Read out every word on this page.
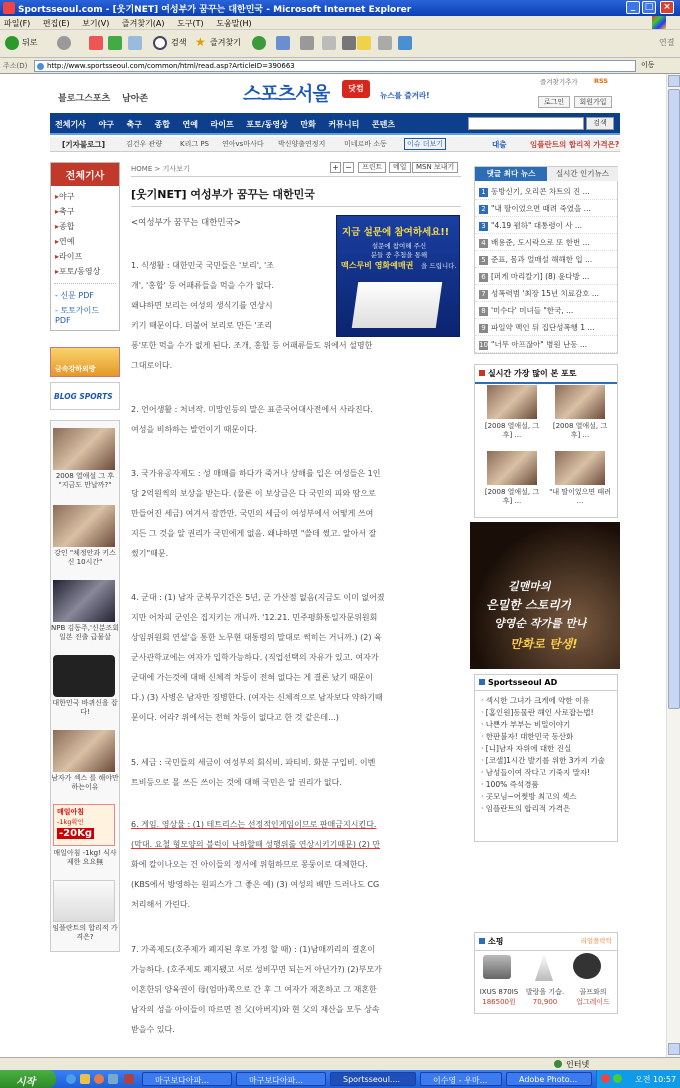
Sportsseoul.com - [웃기NET] 여성부가 꿈꾸는 대한민국 - Microsoft Internet Explorer	_	□	×
파일(F) 편집(E) 보기(V) 즐겨찾기(A) 도구(T) 도움말(H)
뒤로	검색 ★ 즐겨찾기	연결
주소(D)	http://www.sportsseoul.com/common/html/read.asp?ArticleID=390663	이동
즐겨찾기추가	RSS
블로그스포츠 남아존	스포츠서울	닷컴
뉴스를 즐겨라!
로그인	회원가입
전체기사 야구 축구 종합 연예 라이프 포토/동영상 만화 커뮤니티 콘텐츠	검색
[기자블로그]	김건우 관량	K리그 PS 연아vs마사다 박신양출연정지	미네르바 소동	이슈 더보기	대출	임플란트의 합리적 가격은?
전체기사
▸야구
▸축구
▸종합
▸연예
▸라이프
▸포토/동영상
- 신문 PDF
- 토토가이드 PDF
금속강하외방
BLOG SPORTS
2008 열애설 그 후 "지금도 만날까?"
강인 "체정안과 키스신 10시간"
NPB 김동주,'신분조회 일본 진출 급물살
대한민국 바퀴신을 잡다!
남자가 섹스 를 해야만 하는이유
매일아침
-1kg확인
-20Kg
매일아침 -1kg! 식사제한 요요無
임플란트의 합리적 가격은?
HOME > 기사보기	+ −	프린트	메일	MSN 보내기
[웃기NET] 여성부가 꿈꾸는 대한민국
<여성부가 꿈꾸는 대한민국>
지금 설문에 참여하세요!!
설문에 참여해 주신
분들 중 추첨을 통해
맥스무비 영화예매권 을 드립니다.
1. 식생활 : 대한민국 국민들은 '보리', '조
개', '홍합' 등 어패류들을 먹을 수가 없다.
왜냐하면 보리는 여성의 생식기를 연상시
키기 때문이다. 더불어 보리로 만든 '조리
퐁'또한 먹을 수가 없게 된다. 조개, 홍합 등 어패류들도 위에서 설명한
그대로이다.
2. 언어생활 : 처녀작. 미망인등의 말은 표준국어대사전에서 사라진다.
여성을 비하하는 발언이기 때문이다.
3. 국가유공자제도 : 성 매매를 하다가 죽거나 상해를 입은 여성들은 1인
당 2억원씩의 보상을 받는다. (물론 이 보상금은 다 국민의 피와 땀으로
만들어진 세금) 여겨서 잠깐만. 국민의 세금이 여성부에서 어떻게 쓰여
지든 그 것을 알 권리가 국민에게 없음. 왜냐하면 "쓸데 썼고. 알아서 잘
썼기"때문.
4. 군대 : (1) 남자 군복무기간은 5년, 군 가산점 없음(지금도 이미 없어졌
지만 어차피 군인은 집지키는 개니까. '12.21. 민주평화통일자문위원회
상임위원회 연설'을 통한 노무현 대통령의 말대로 썩히는 거니까.) (2) 육
군사관학교에는 여자가 입학가능하다. (직업선택의 자유가 있고. 여자가
군대에 가는것에 대해 신체적 차등이 전혀 없다는 게 결론 났기 때문이
다.) (3) 사병은 남자만 징병한다. (여자는 신체적으로 남자보다 약하기때
문이다. 어라? 위에서는 전혀 차등이 없다고 한 것 같은데...)
5. 세금 : 국민들의 세금이 여성부의 회식비. 파티비. 화분 구입비. 이벤
트비등으로 몰 쓰든 쓰이는 것에 대해 국민은 알 권리가 없다.
6. 게임. 영상물 : (1) 테트리스는 선정적인게임이므로 판매금지시킨다.
(막대. 요철 형모양의 블럭이 낙하할때 성행위를 연상시키기때문) (2) 만
화에 칼이나오는 건 아이들의 정서에 위험하므로 몽둥이로 대체한다.
(KBS에서 방영하는 원피스가 그 좋은 예) (3) 여성의 배만 드러나도 CG
처리해서 가린다.
7. 가족제도(호주제가 폐지된 후로 가정 할 때) : (1)남매끼리의 결혼이
가능하다. (호주제도 폐지됐고 서로 성비꾸면 되는거 아닌가?) (2)부모가
이혼한뒤 양육권이 母(엄마)쪽으로 간 후 그 여자가 재혼하고 그 재혼한
남자의 성을 아이들이 따르면 전 父(아버지)와 현 父의 재산을 모두 상속
받을수 있다.
댓글 최다 뉴스	실시간 인기뉴스
1 동방신기, 오리콘 차트의 진 ...
2 "내 딸이었으면 때려 죽였을 ...
3 "4.19 폄하" 대통령이 사 ...
4 배용준, 도시락으로 또 한번 ...
5 준표, 몸과 얼매설 해해한 입 ...
6 [퍼게 마리칼기] (8) 윤다방 ...
7 성폭력범 '최장 15년 치료감호 ...
8 '미수다' 미녀들 "한국, ...
9 파일약 멕인 뒤 집단성폭행 1 ...
10 "너무 아프잖아" 병원 난동 ...
실시간 가장 많이 본 포토
[2008 열애설, 그 후] ...
[2008 열애설, 그 후] ...
[2008 열애설, 그 후] ...
"내 딸이었으면 때려 ...
길맨마의
은밀한 스토리가
양영순 작가를 만나
만화로 탄생!
Sportsseoul AD
· 섹시한 그녀가 크게에 약한 이유
· [홈인원]동물란 해인 사로잡는법!
· 나쁜가 부부는 비밀이야기
· 한판불자! 대한민국 동산화
· [니]남자 자위에 대한 진실
· [코샐]1시간 발기를 위한 3가지 기술
· 남성들이여 작다고 기죽지 말자!
· 100% 즉석경품
· 곳모님~어쩟방 최고의 섹스
· 임플란트의 합리적 가격은
소핑	리얼폴락틱
IXUS 870IS
186500원
발랑을 기습.
70,900
골프와의
업그레이드
인터넷
시작	마구보다아파...	마구보다아파...	Sportsseoul....	이수영 - 우마...	Adobe Photo...	오전 10:57
